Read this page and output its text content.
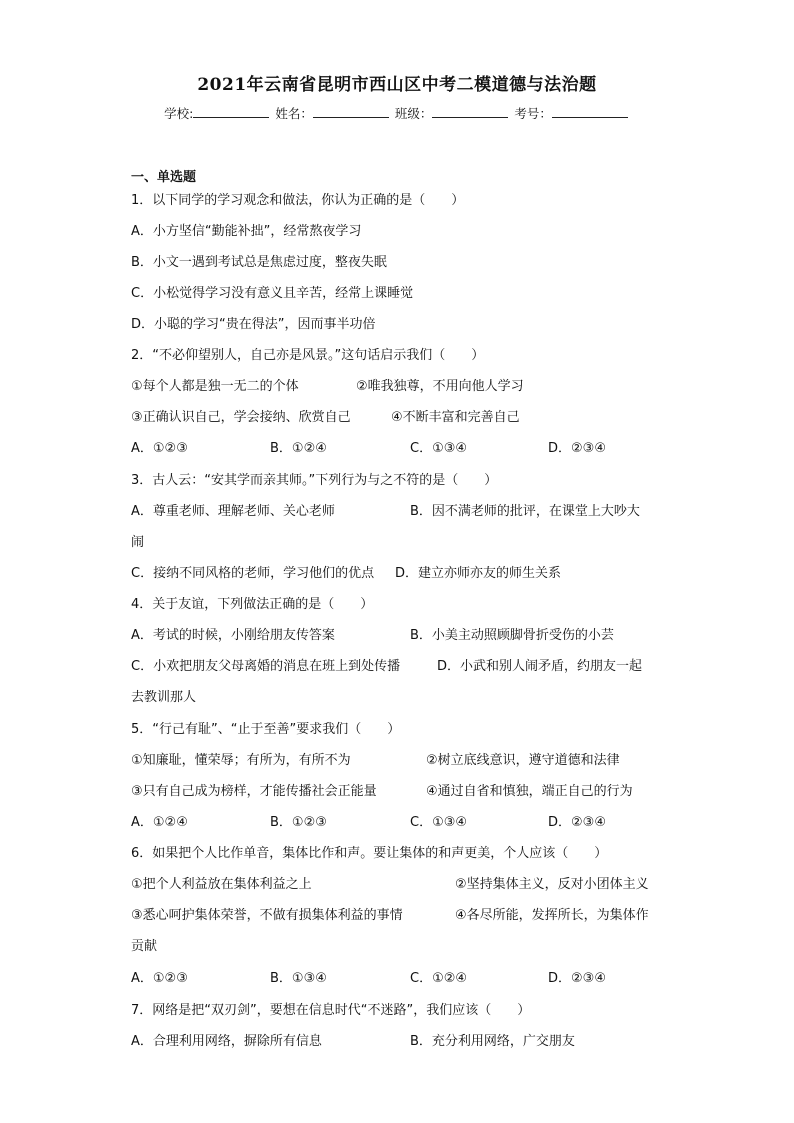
2021年云南省昆明市西山区中考二模道德与法治题
学校:	姓名：	班级：	考号：
一、单选题
1．以下同学的学习观念和做法，你认为正确的是（　　）
A．小方坚信“勤能补拙”，经常熬夜学习
B．小文一遇到考试总是焦虑过度，整夜失眠
C．小松觉得学习没有意义且辛苦，经常上课睡觉
D．小聪的学习“贵在得法”，因而事半功倍
2．“不必仰望别人，自己亦是风景。”这句话启示我们（　　）
①每个人都是独一无二的个体	②唯我独尊，不用向他人学习
③正确认识自己，学会接纳、欣赏自己	④不断丰富和完善自己
A．①②③	B．①②④	C．①③④	D．②③④
3．古人云：“安其学而亲其师。”下列行为与之不符的是（　　）
A．尊重老师、理解老师、关心老师	B．因不满老师的批评，在课堂上大吵大
闹
C．接纳不同风格的老师，学习他们的优点 D．建立亦师亦友的师生关系
4．关于友谊，下列做法正确的是（　　）
A．考试的时候，小刚给朋友传答案	B．小美主动照顾脚骨折受伤的小芸
C．小欢把朋友父母离婚的消息在班上到处传播	D．小武和别人闹矛盾，约朋友一起
去教训那人
5．“行己有耻”、“止于至善”要求我们（　　）
①知廉耻，懂荣辱；有所为，有所不为	②树立底线意识，遵守道德和法律
③只有自己成为榜样，才能传播社会正能量	④通过自省和慎独，端正自己的行为
A．①②④	B．①②③	C．①③④	D．②③④
6．如果把个人比作单音，集体比作和声。要让集体的和声更美，个人应该（　　）
①把个人利益放在集体利益之上	②坚持集体主义，反对小团体主义
③悉心呵护集体荣誉，不做有损集体利益的事情	④各尽所能，发挥所长，为集体作
贡献
A．①②③	B．①③④	C．①②④	D．②③④
7．网络是把“双刃剑”，要想在信息时代“不迷路”，我们应该（　　）
A．合理利用网络，摒除所有信息	B．充分利用网络，广交朋友
